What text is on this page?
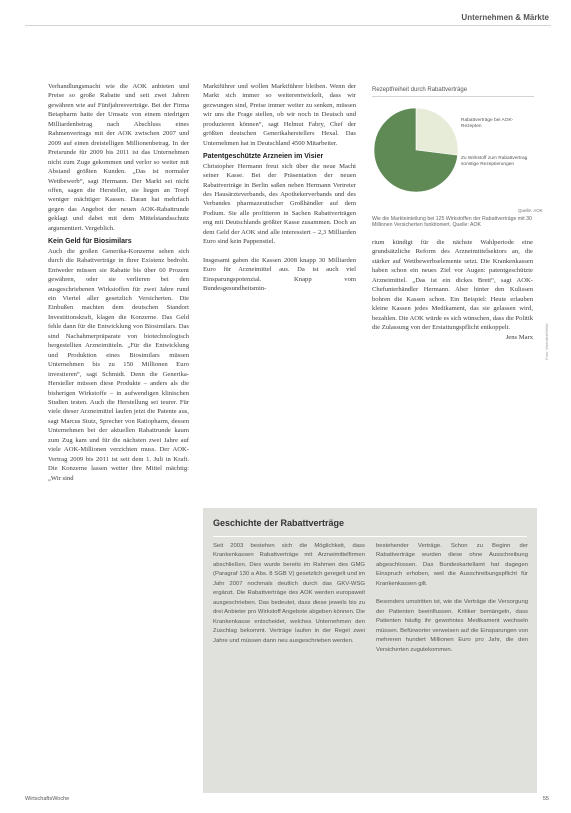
Unternehmen & Märkte

Verhandlungsmacht wie die AOK anbieten und Preise so große Rabatte und seit zwei Jahren gewähren wie auf Fünfjahresverträge. Bei der Firma Betapharm hatte der Umsatz von einem niedrigen Milliardenbetrag nach Abschluss eines Rahmenvertrags mit der AOK zwischen 2007 und 2009 auf einen dreistelligen Millionenbetrag. In der Preisrunde für 2009 bis 2011 ist das Unternehmen nicht zum Zuge gekommen und verlor so weiter mit Abstand größten Kunden. „Das ist normaler Wettbewerb“, sagt Hermann. Der Markt sei nicht offen, sagen die Hersteller, sie liegen an Tropf weniger mächtiger Kassen. Daran hat mehrfach gegen das Angebot der neuen AOK-Rabattrunde geklagt und dabei mit dem Mittelstandsschutz argumentiert. Vergeblich.

Kein Geld für Biosimilars

Auch die großen Generika-Konzerne sehen sich durch die Rabattverträge in ihrer Existenz bedroht. Entweder müssen sie Rabatte bis über 60 Prozent gewähren, oder sie verlieren bei den ausgeschriebenen Wirkstoffen für zwei Jahre rund ein Viertel aller gesetzlich Versicherten. Die Einbußen machten dem deutschen Standort Investitionskraft, klagen die Konzerne. Das Geld fehle dann für die Entwicklung von Biosimilars. Das sind Nachahmerpräparate von biotechnologisch hergestellten Arzneimitteln. „Für die Entwicklung und Produktion eines Biosimilars müssen Unternehmen bis zu 150 Millionen Euro investieren“, sagt Schmidt. Denn die Generika-Hersteller müssen diese Produkte – anders als die bisherigen Wirkstoffe – in aufwendigen klinischen Studien testen. Auch die Herstellung sei teurer. Für viele dieser Arzneimittel laufen jetzt die Patente aus, sagt Marcus Stutz, Sprecher von Ratiopharm, dessen Unternehmen bei der aktuellen Rabattrunde kaum zum Zug kam und für die nächsten zwei Jahre auf viele AOK-Millionen verzichten muss. Der AOK-Vertrag 2009 bis 2011 ist seit dem 1. Juli in Kraft. Die Konzerne lassen weiter ihre Mittel mächtig: „Wir sind

Marktführer und wollen Marktführer bleiben. Wenn der Markt sich immer so weiterentwickelt, dass wir gezwungen sind, Preise immer weiter zu senken, müssen wir uns die Frage stellen, ob wir noch in Deutsch und produzieren können“, sagt Helmut Fabry, Chef der größten deutschen Generikaherstellers Hexal. Das Unternehmen hat in Deutschland 4500 Mitarbeiter.

Patentgeschützte Arzneien im Visier

Christopher Hermann freut sich über die neue Macht seiner Kasse. Bei der Präsentation der neuen Rabattverträge in Berlin saßen neben Hermann Vertreter des Hausärzteverbands, des Apothekerverbands und des Verbandes pharmazeutischer Großhändler auf dem Podium. Sie alle profitieren in Sachen Rabattverträgen eng mit Deutschlands größter Kasse zusammen. Doch an dem Geld der AOK sind alle interessiert – 2,3 Milliarden Euro sind kein Pappenstiel.

Insgesamt gaben die Kassen 2008 knapp 30 Milliarden Euro für Arzneimittel aus. Da ist auch viel Einsparungspotenzial. Knapp vom Bundesgesundheitsmin-

Rezeptfreiheit durch Rabattverträge
Rabattverträge bei AOK-Rezepten
Zu Wirkstoff zum Rabattvertrag sonstige Rezeptierungen
Quelle: AOK
Wie die Markteinteilung bei 125 Wirkstoffen der Rabattverträge mit 30 Millionen Versicherten funktioniert. Quelle: AOK

rium kündigt für die nächste Wahlperiode eine grundsätzliche Reform des Arzneimittelsektors an, die stärker auf Wettbewerbselemente setzt. Die Krankenkassen haben schon ein neues Ziel vor Augen: patentgeschützte Arzneimittel. „Das ist ein dickes Brett“, sagt AOK-Chefunterhändler Hermann. Aber hinter den Kulissen bohren die Kassen schon. Ein Beispiel: Heute erlauben kleine Kassen jedes Medikament, das sie gelassen wird, bezahlen. Die AOK würde es sich wünschen, dass die Politik die Zulassung von der Erstattungspflicht entkoppelt.

Jens Marx	Foto: Wendler/WiWo
Geschichte der Rabattverträge

Seit 2003 bestehen sich die Möglichkeit, dass Krankenkassen Rabattverträge mit Arzneimittelfirmen abschließen. Dies wurde bereits im Rahmen des GMG (Paragraf 130 a Abs. 8 SGB V) gesetzlich geregelt und im Jahr 2007 nochmals deutlich durch das GKV-WSG ergänzt. Die Rabattverträge des AOK werden europaweit ausgeschrieben. Das bedeutet, dass diese jeweils bis zu drei Anbieter pro Wirkstoff Angebote abgeben können. Die Krankenkasse entscheidet, welches Unternehmen den Zuschlag bekommt. Verträge laufen in der Regel zwei Jahre und müssen dann neu ausgeschrieben werden.

bestehender Verträge. Schon zu Beginn der Rabattverträge wurden diese ohne Ausschreibung abgeschlossen. Das Bundeskartellamt hat dagegen Einspruch erhoben, weil die Ausschreibungspflicht für Krankenkassen gilt.

Besonders umstritten ist, wie die Verträge die Versorgung der Patienten beeinflussen. Kritiker bemängeln, dass Patienten häufig ihr gewohntes Medikament wechseln müssen. Befürworter verweisen auf die Einsparungen von mehreren hundert Millionen Euro pro Jahr, die den Versicherten zugutekommen.

WirtschaftsWoche	55
